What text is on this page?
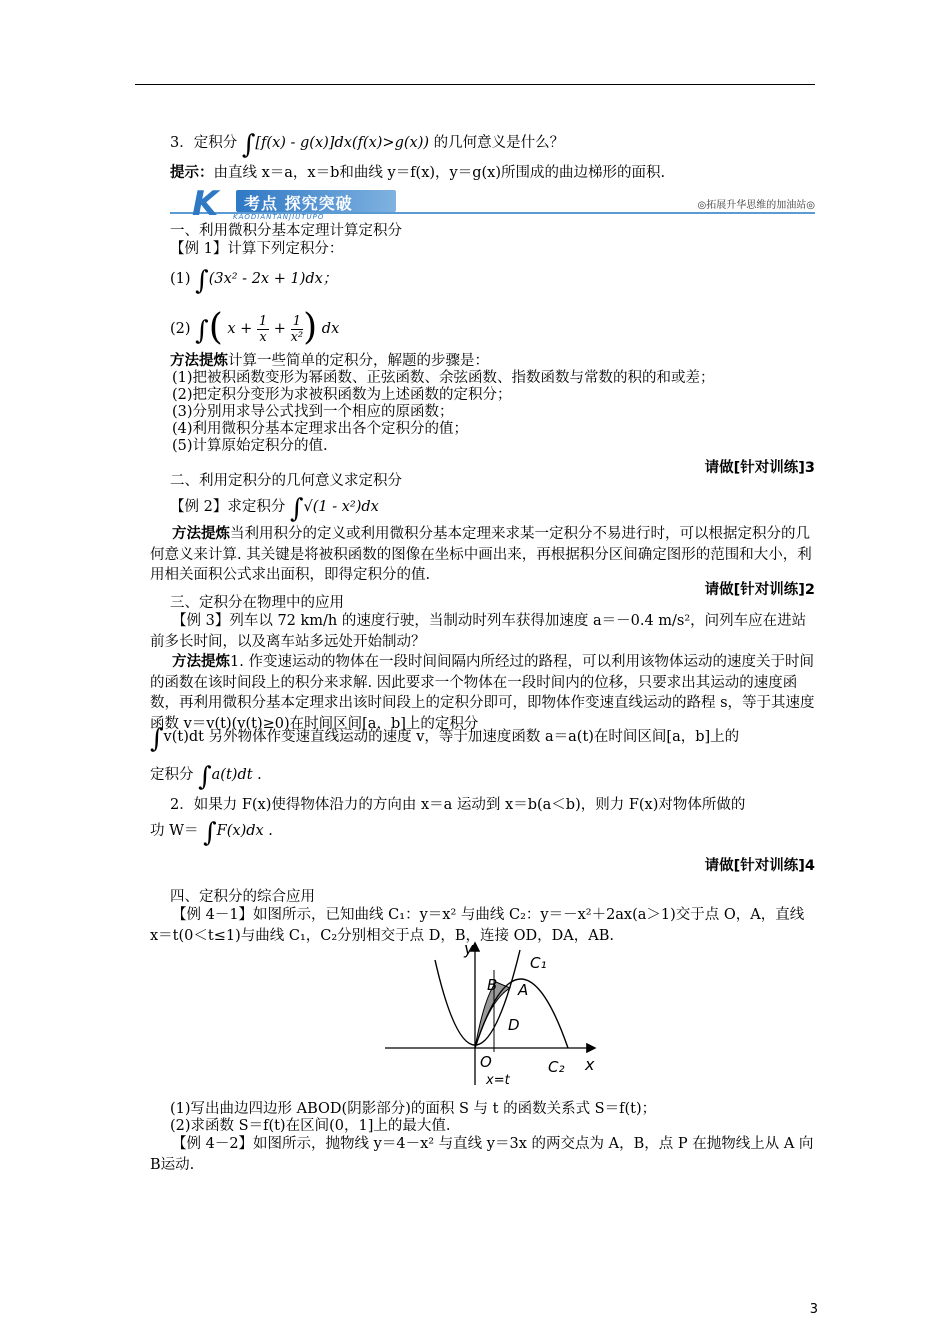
3．定积分 ∫[f(x) - g(x)]dx(f(x)>g(x)) 的几何意义是什么？
提示：由直线 x＝a，x＝b和曲线 y＝f(x)，y＝g(x)所围成的曲边梯形的面积.
K 考点 探究突破
KAODIANTANJIUTUPO
◎拓展升华思维的加油站◎
一、利用微积分基本定理计算定积分
【例 1】计算下列定积分：
(1) ∫(3x² - 2x + 1)dx；
(2) ∫( $x + \frac{1}{x} + \frac{1}{\text{x²}}$ ) dx
方法提炼计算一些简单的定积分，解题的步骤是：
(1)把被积函数变形为幂函数、正弦函数、余弦函数、指数函数与常数的积的和或差；
(2)把定积分变形为求被积函数为上述函数的定积分；
(3)分别用求导公式找到一个相应的原函数；
(4)利用微积分基本定理求出各个定积分的值；
(5)计算原始定积分的值.
请做[针对训练]3
二、利用定积分的几何意义求定积分
【例 2】求定积分 ∫√(1 - x²)dx
方法提炼当利用积分的定义或利用微积分基本定理来求某一定积分不易进行时，可以根据定积分的几何意义来计算. 其关键是将被积函数的图像在坐标中画出来，再根据积分区间确定图形的范围和大小，利用相关面积公式求出面积，即得定积分的值.
请做[针对训练]2
三、定积分在物理中的应用
【例 3】列车以 72 km/h 的速度行驶，当制动时列车获得加速度 a＝－0.4 m/s²，问列车应在进站前多长时间，以及离车站多远处开始制动？
方法提炼1. 作变速运动的物体在一段时间间隔内所经过的路程，可以利用该物体运动的速度关于时间的函数在该时间段上的积分来求解. 因此要求一个物体在一段时间内的位移，只要求出其运动的速度函数，再利用微积分基本定理求出该时间段上的定积分即可，即物体作变速直线运动的路程 s，等于其速度函数 v＝v(t)(v(t)≥0)在时间区间[a，b]上的定积分
∫v(t)dt 另外物体作变速直线运动的速度 v，等于加速度函数 a＝a(t)在时间区间[a，b]上的
定积分 ∫a(t)dt .
2．如果力 F(x)使得物体沿力的方向由 x＝a 运动到 x＝b(a＜b)，则力 F(x)对物体所做的
功 W＝ ∫F(x)dx .
请做[针对训练]4
四、定积分的综合应用
【例 4－1】如图所示，已知曲线 C₁：y＝x² 与曲线 C₂：y＝－x²＋2ax(a＞1)交于点 O，A，直线 x＝t(0＜t≤1)与曲线 C₁，C₂分别相交于点 D，B，连接 OD，DA，AB.
y
x
O
C₁
C₂
A
B
D
x=t
(1)写出曲边四边形 ABOD(阴影部分)的面积 S 与 t 的函数关系式 S＝f(t)；
(2)求函数 S＝f(t)在区间(0，1]上的最大值.
【例 4－2】如图所示，抛物线 y＝4－x² 与直线 y＝3x 的两交点为 A，B，点 P 在抛物线上从 A 向 B运动.
3
